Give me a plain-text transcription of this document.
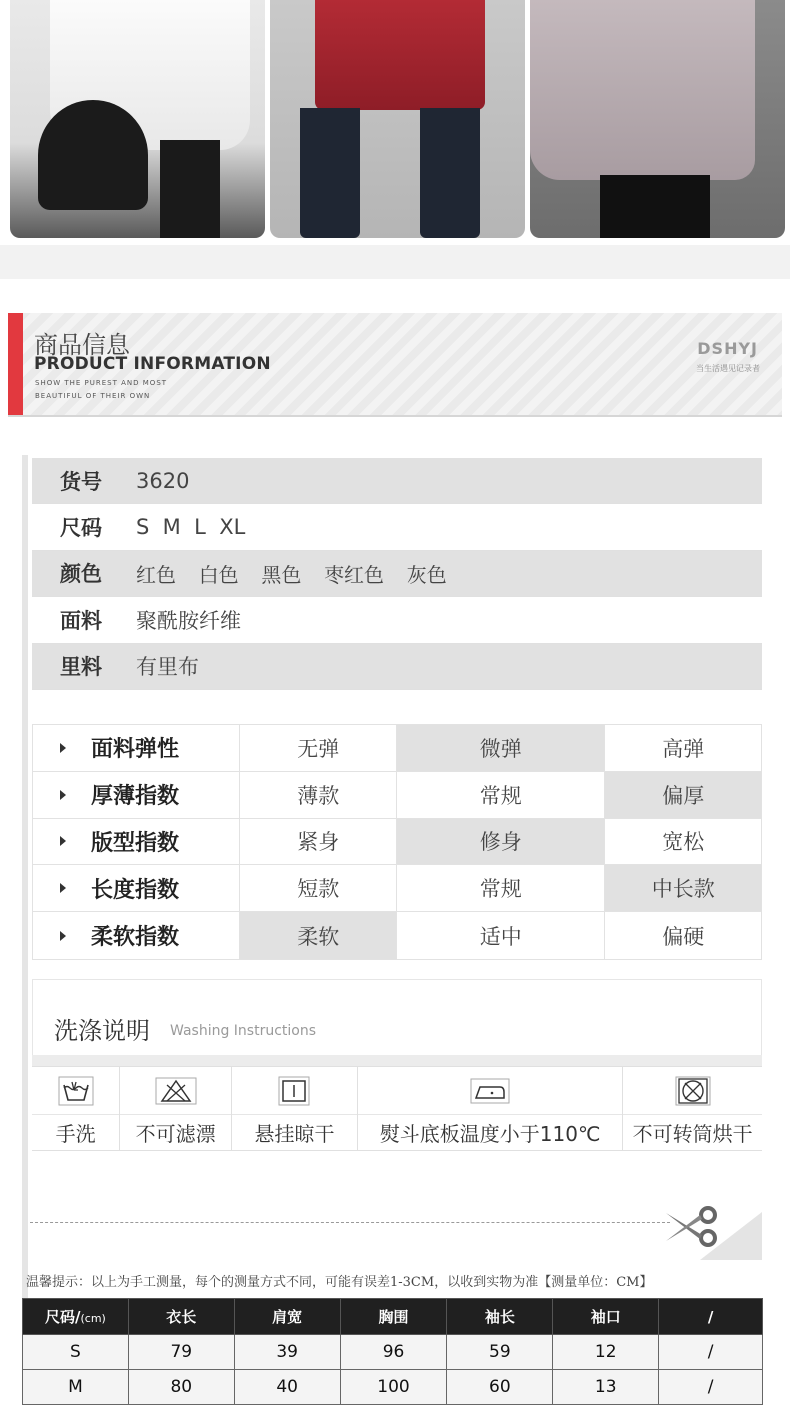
商品信息
PRODUCT INFORMATION
SHOW THE PUREST AND MOST
BEAUTIFUL OF THEIR OWN
DSHYJ
当生活遇见记录者
货号	3620
尺码	S  M  L  XL
颜色	红色 白色 黑色 枣红色 灰色
面料	聚酰胺纤维
里料	有里布
面料弹性	无弹	微弹	高弹
厚薄指数	薄款	常规	偏厚
版型指数	紧身	修身	宽松
长度指数	短款	常规	中长款
柔软指数	柔软	适中	偏硬
洗涤说明 Washing Instructions
手洗	不可滤漂	悬挂晾干	熨斗底板温度小于110℃	不可转筒烘干
温馨提示：以上为手工测量，每个的测量方式不同，可能有误差1-3CM，以收到实物为准【测量单位：CM】
尺码/(cm)	衣长	肩宽	胸围	袖长	袖口	/
S	79	39	96	59	12	/
M	80	40	100	60	13	/
